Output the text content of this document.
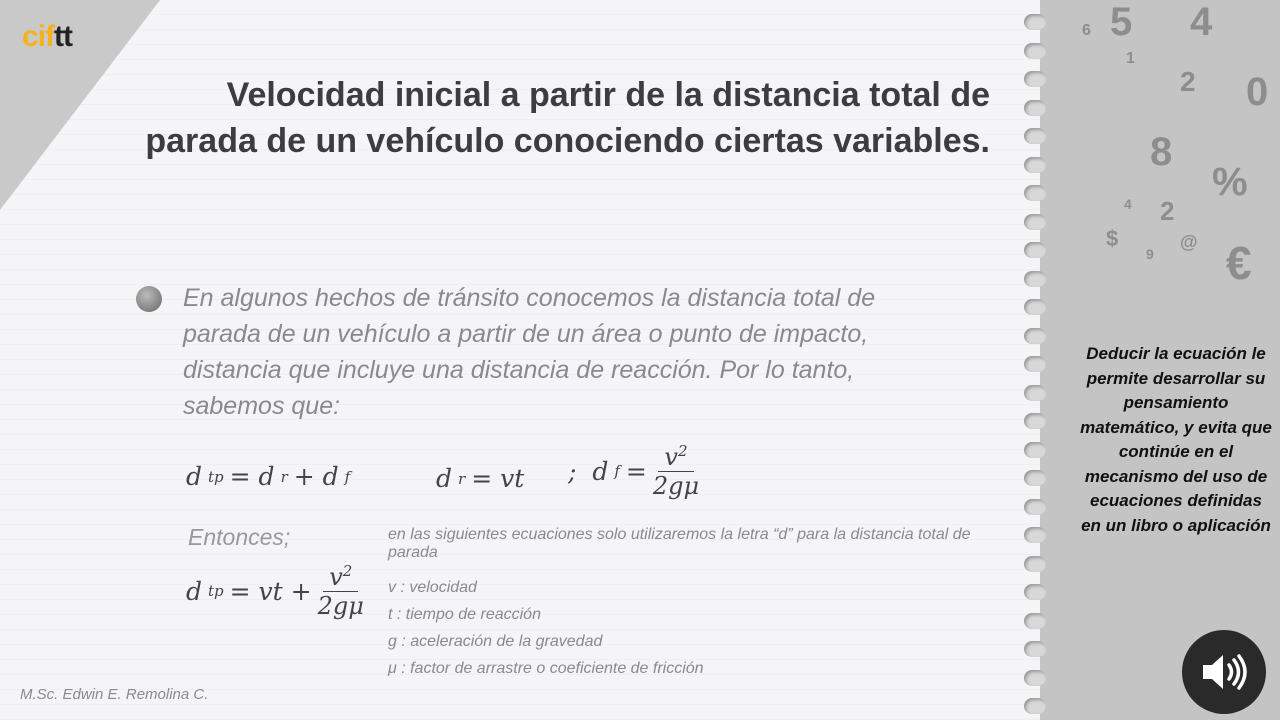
5 4
6
1
2 0
8
%
2
4
$	@
9 €
ciftt
Velocidad inicial a partir de la distancia total de parada de un vehículo conociendo ciertas variables.
En algunos hechos de tránsito conocemos la distancia total de parada de un vehículo a partir de un área o punto de impacto, distancia que incluye una distancia de reacción. Por lo tanto, sabemos que:
d tp = d r + d f	d r = vt ;  d $f = \frac{v^2}{2g\mu}$
Entonces;
d tp = vt + $\frac{v^2}{2g\mu}$
en las siguientes ecuaciones solo utilizaremos la letra “d” para la distancia total de parada
v : velocidad
t : tiempo de reacción
g : aceleración de la gravedad
μ : factor de arrastre o coeficiente de fricción
M.Sc. Edwin E. Remolina C.
Deducir la ecuación le permite desarrollar su pensamiento matemático, y evita que continúe en el mecanismo del uso de ecuaciones definidas en un libro o aplicación
